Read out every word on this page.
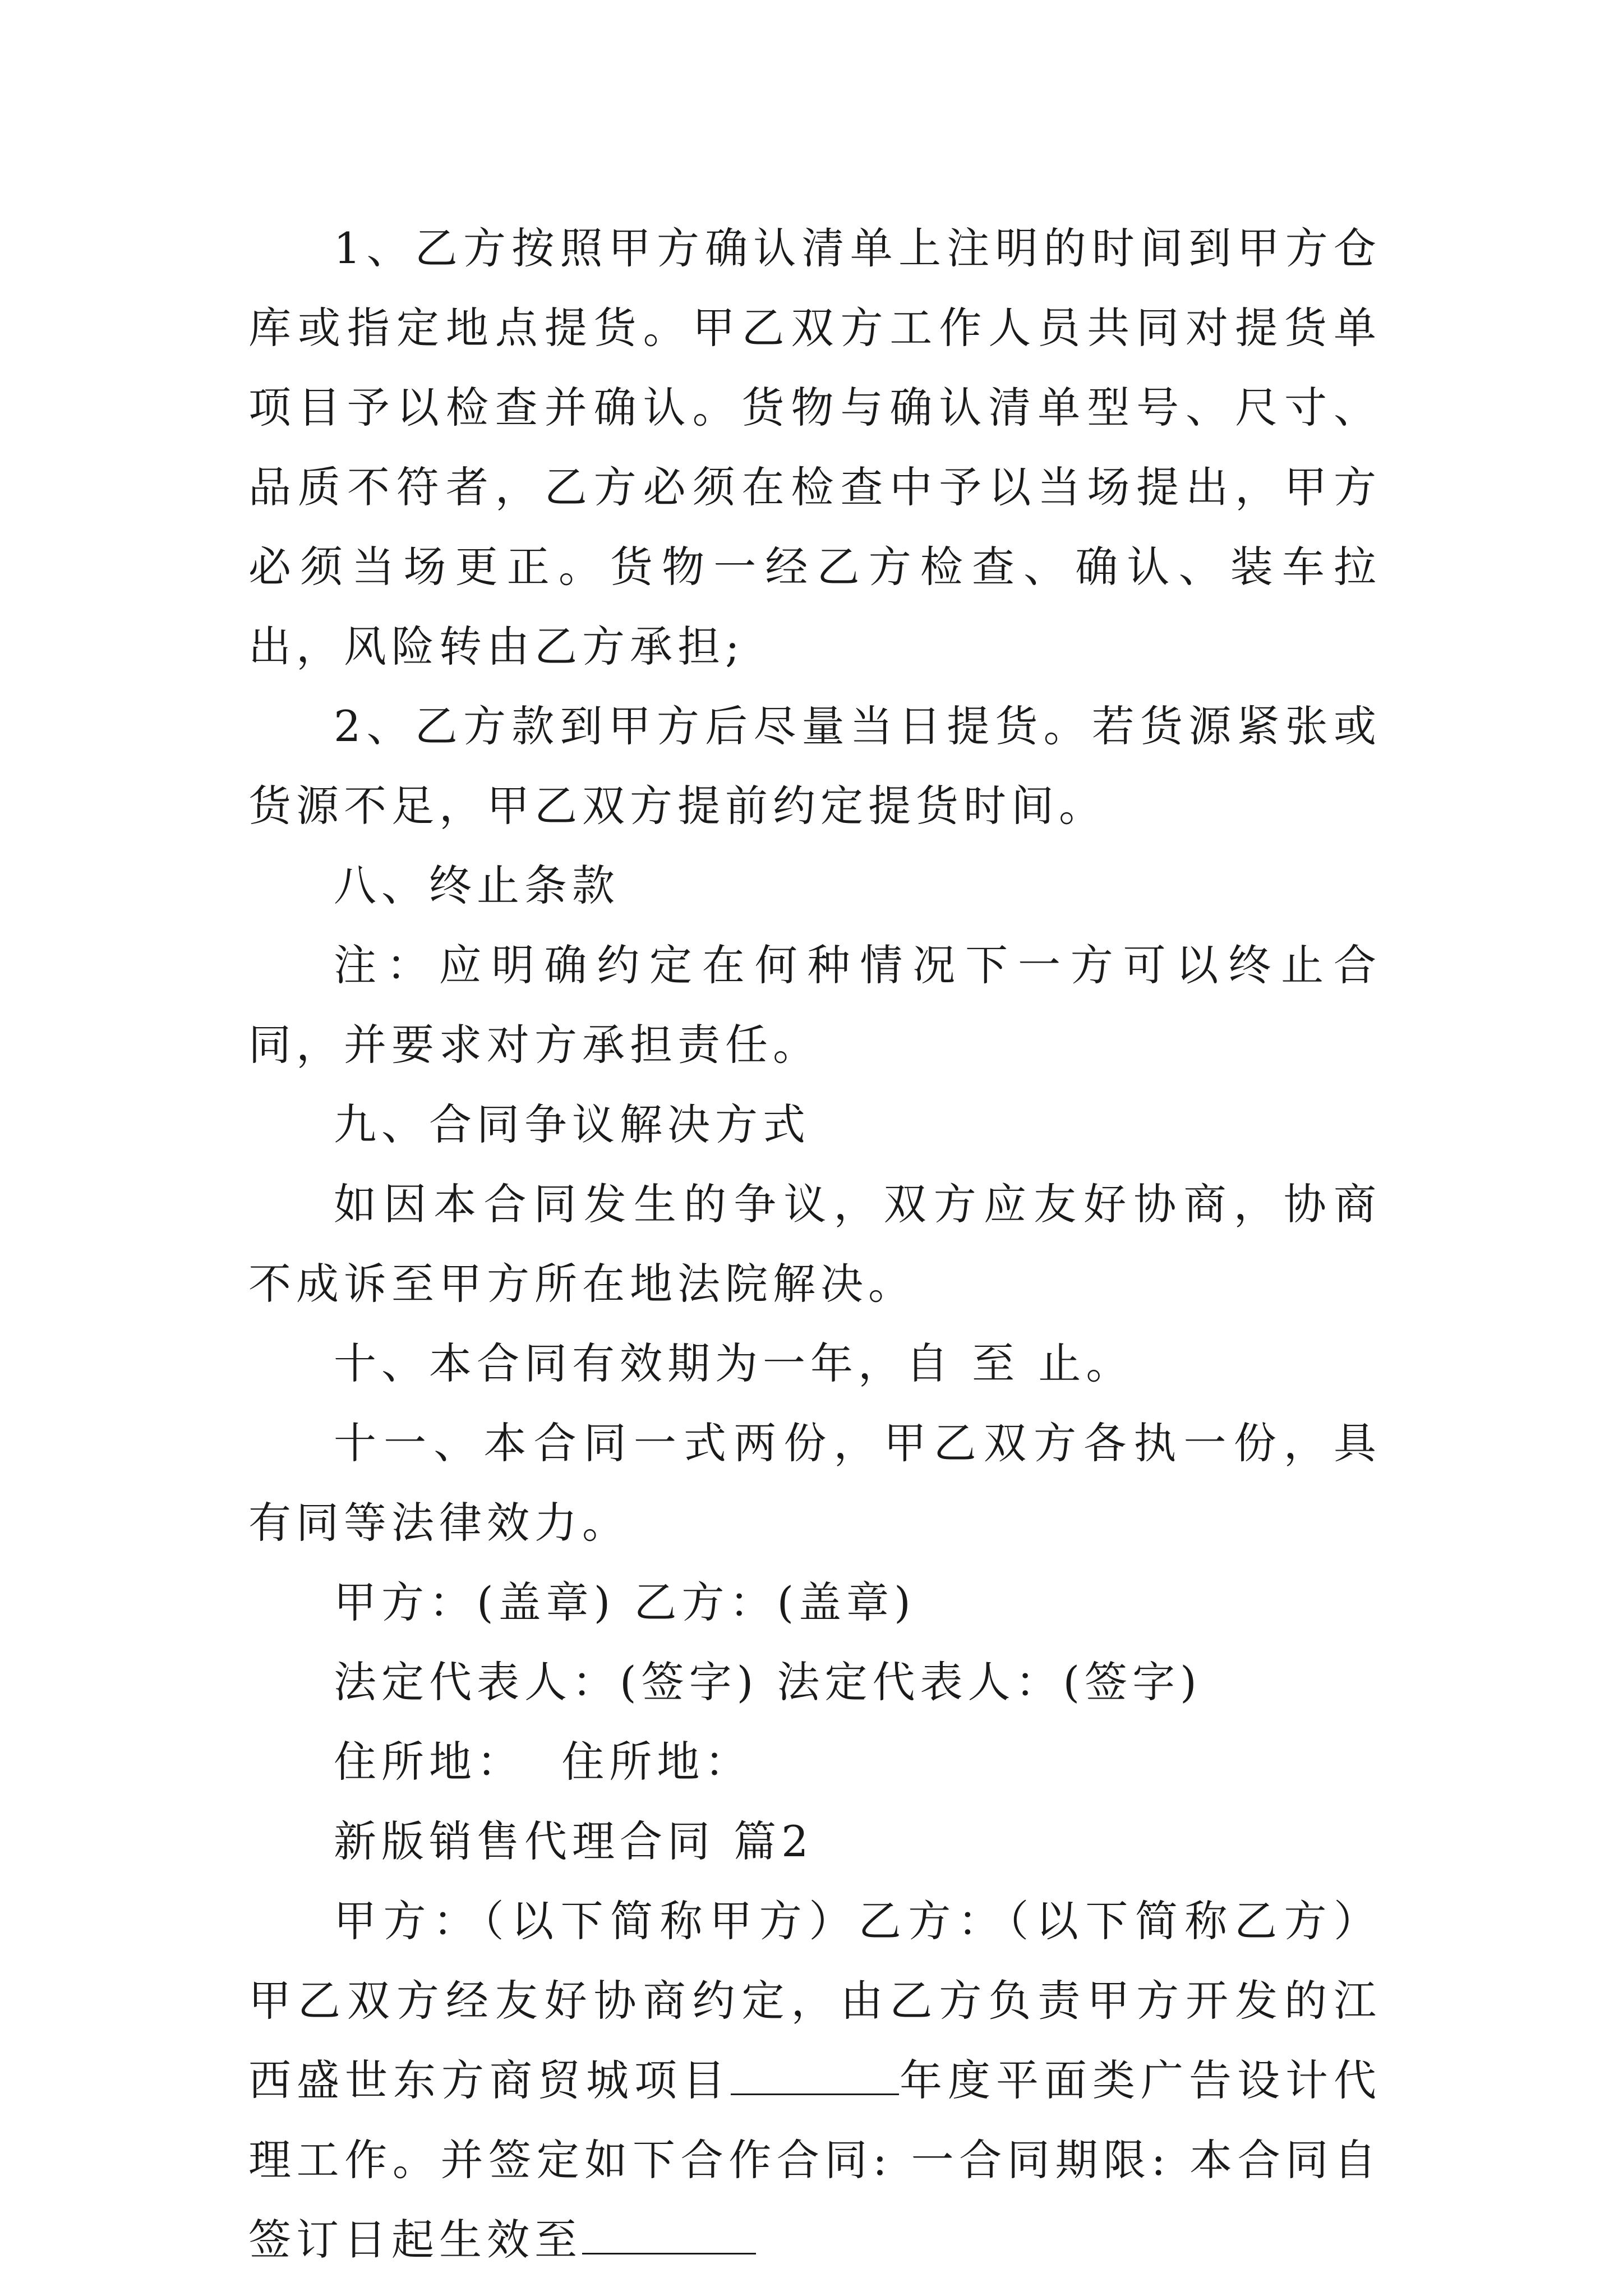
1、乙方按照甲方确认清单上注明的时间到甲方仓库或指定地点提货。甲乙双方工作人员共同对提货单项目予以检查并确认。货物与确认清单型号、尺寸、品质不符者，乙方必须在检查中予以当场提出，甲方必须当场更正。货物一经乙方检查、确认、装车拉出，风险转由乙方承担;

2、乙方款到甲方后尽量当日提货。若货源紧张或货源不足，甲乙双方提前约定提货时间。

八、终止条款

注：应明确约定在何种情况下一方可以终止合同，并要求对方承担责任。

九、合同争议解决方式

如因本合同发生的争议，双方应友好协商，协商不成诉至甲方所在地法院解决。

十、本合同有效期为一年，自 至 止。

十一、本合同一式两份，甲乙双方各执一份，具有同等法律效力。

甲方：(盖章) 乙方：(盖章)

法定代表人：(签字) 法定代表人：(签字)

住所地：  住所地：

新版销售代理合同 篇2

甲方：（以下简称甲方）乙方：（以下简称乙方）甲乙双方经友好协商约定，由乙方负责甲方开发的江西盛世东方商贸城项目	年度平面类广告设计代理工作。并签定如下合作合同: 一合同期限: 本合同自签订日起生效至
